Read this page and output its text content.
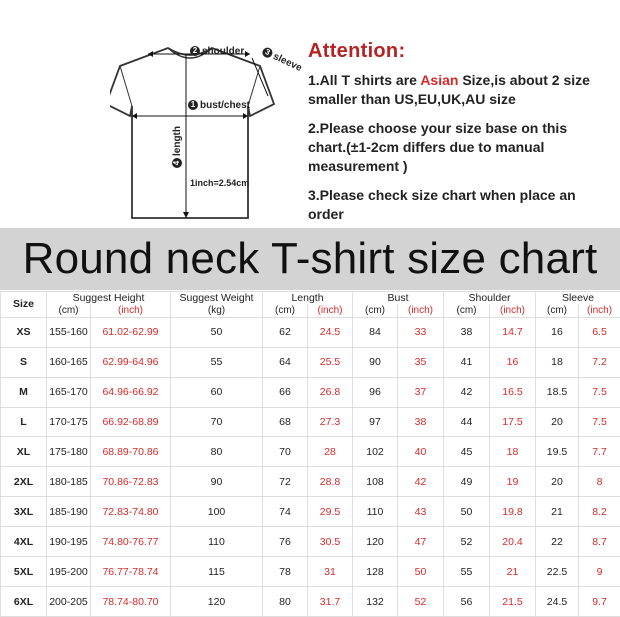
2 shoulder	3sleeve
1 bust/chest
4length
1inch=2.54cm
Attention:

1.All T shirts are Asian Size,is about 2 size smaller than US,EU,UK,AU size

2.Please choose your size base on this chart.(±1-2cm differs due to manual measurement )

3.Please check size chart when place an order

Round neck T-shirt size chart
Size	Suggest Height		Suggest Weight	Length		Bust		Shoulder		Sleeve	
	(cm)	(inch)	(kg)	(cm)	(inch)	(cm)	(inch)	(cm)	(inch)	(cm)	(inch)
XS	155-160	61.02-62.99	50	62	24.5	84	33	38	14.7	16	6.5
S	160-165	62.99-64.96	55	64	25.5	90	35	41	16	18	7.2
M	165-170	64.96-66.92	60	66	26.8	96	37	42	16.5	18.5	7.5
L	170-175	66.92-68.89	70	68	27.3	97	38	44	17.5	20	7.5
XL	175-180	68.89-70.86	80	70	28	102	40	45	18	19.5	7.7
2XL	180-185	70.86-72.83	90	72	28.8	108	42	49	19	20	8
3XL	185-190	72.83-74.80	100	74	29.5	110	43	50	19.8	21	8.2
4XL	190-195	74.80-76.77	110	76	30.5	120	47	52	20.4	22	8.7
5XL	195-200	76.77-78.74	115	78	31	128	50	55	21	22.5	9
6XL	200-205	78.74-80.70	120	80	31.7	132	52	56	21.5	24.5	9.7
